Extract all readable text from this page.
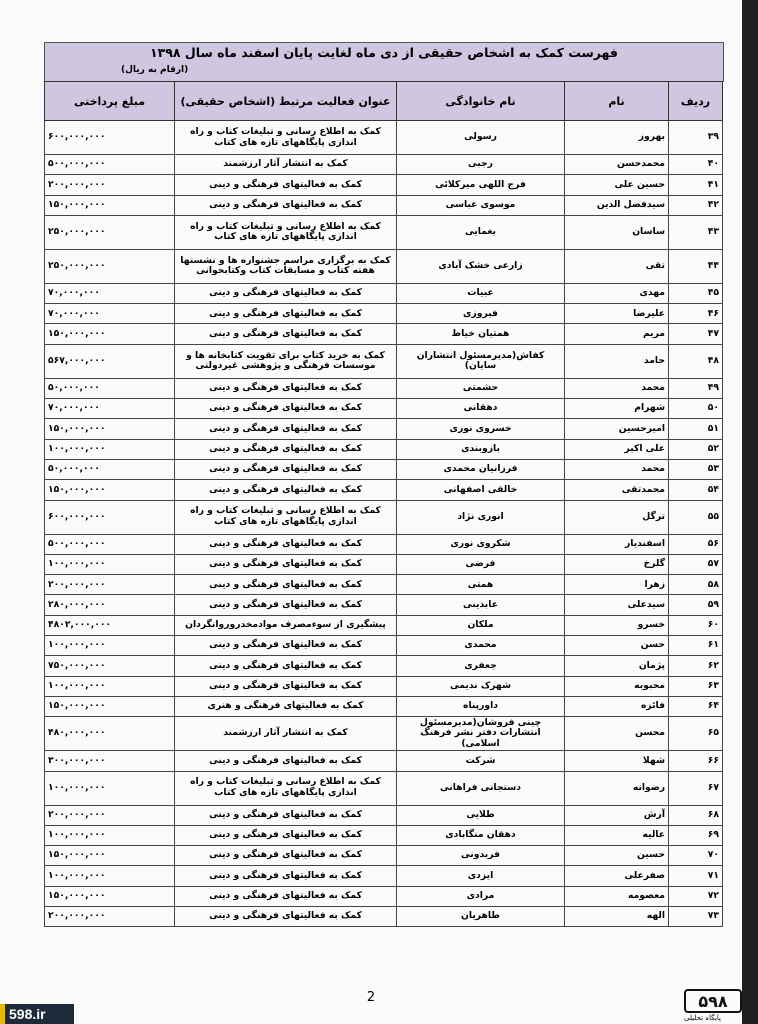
فهرست کمک به اشخاص حقیقی از دی ماه لغایت پایان اسفند ماه سال ۱۳۹۸
(ارقام به ریال)
ردیف	نام	نام خانوادگی	عنوان فعالیت مرتبط (اشخاص حقیقی)	مبلغ پرداختی
۳۹	بهروز	رسولی	کمک به اطلاع رسانی و تبلیغات کتاب و راه اندازی پایگاههای تازه های کتاب	۶۰۰,۰۰۰,۰۰۰
۴۰	محمدحسن	رجبی	کمک به انتشار آثار ارزشمند	۵۰۰,۰۰۰,۰۰۰
۴۱	حسین علی	فرج اللهی میرکلائی	کمک به فعالیتهای فرهنگی و دینی	۲۰۰,۰۰۰,۰۰۰
۴۲	سیدفضل الدین	موسوی عباسی	کمک به فعالیتهای فرهنگی و دینی	۱۵۰,۰۰۰,۰۰۰
۴۳	ساسان	یغمایی	کمک به اطلاع رسانی و تبلیغات کتاب و راه اندازی پایگاههای تازه های کتاب	۲۵۰,۰۰۰,۰۰۰
۴۴	تقی	زارعی خشک آبادی	کمک به برگزاری مراسم جشنواره ها و نشستها هفته کتاب و مسابقات کتاب وکتابخوانی	۲۵۰,۰۰۰,۰۰۰
۴۵	مهدی	عبیات	کمک به فعالیتهای فرهنگی و دینی	۷۰,۰۰۰,۰۰۰
۴۶	علیرضا	فیروزی	کمک به فعالیتهای فرهنگی و دینی	۷۰,۰۰۰,۰۰۰
۴۷	مریم	همتیان خیاط	کمک به فعالیتهای فرهنگی و دینی	۱۵۰,۰۰۰,۰۰۰
۴۸	حامد	کفاش(مدیرمسئول انتشاران سایان)	کمک به خرید کتاب برای تقویت کتابخانه ها و موسسات فرهنگی و پژوهشی غیردولتی	۵۶۷,۰۰۰,۰۰۰
۴۹	محمد	حشمتی	کمک به فعالیتهای فرهنگی و دینی	۵۰,۰۰۰,۰۰۰
۵۰	شهرام	دهقانی	کمک به فعالیتهای فرهنگی و دینی	۷۰,۰۰۰,۰۰۰
۵۱	امیرحسین	خسروی نوری	کمک به فعالیتهای فرهنگی و دینی	۱۵۰,۰۰۰,۰۰۰
۵۲	علی اکبر	بازوبندی	کمک به فعالیتهای فرهنگی و دینی	۱۰۰,۰۰۰,۰۰۰
۵۳	محمد	فرزانیان محمدی	کمک به فعالیتهای فرهنگی و دینی	۵۰,۰۰۰,۰۰۰
۵۴	محمدتقی	خالقی اصفهانی	کمک به فعالیتهای فرهنگی و دینی	۱۵۰,۰۰۰,۰۰۰
۵۵	ترگل	انوری نژاد	کمک به اطلاع رسانی و تبلیغات کتاب و راه اندازی پایگاههای تازه های کتاب	۶۰۰,۰۰۰,۰۰۰
۵۶	اسفندیار	شکروی نوری	کمک به فعالیتهای فرهنگی و دینی	۵۰۰,۰۰۰,۰۰۰
۵۷	گلرخ	فرضی	کمک به فعالیتهای فرهنگی و دینی	۱۰۰,۰۰۰,۰۰۰
۵۸	زهرا	همتی	کمک به فعالیتهای فرهنگی و دینی	۲۰۰,۰۰۰,۰۰۰
۵۹	سیدعلی	عابدینی	کمک به فعالیتهای فرهنگی و دینی	۲۸۰,۰۰۰,۰۰۰
۶۰	خسرو	ملکان	پیشگیری از سوءمصرف موادمخدروروانگردان	۴۸۰۲,۰۰۰,۰۰۰
۶۱	حسن	محمدی	کمک به فعالیتهای فرهنگی و دینی	۱۰۰,۰۰۰,۰۰۰
۶۲	پژمان	جعفری	کمک به فعالیتهای فرهنگی و دینی	۷۵۰,۰۰۰,۰۰۰
۶۳	محبوبه	شهرک ندیمی	کمک به فعالیتهای فرهنگی و دینی	۱۰۰,۰۰۰,۰۰۰
۶۴	فائزه	داورپناه	کمک به فعالیتهای فرهنگی و هنری	۱۵۰,۰۰۰,۰۰۰
۶۵	محسن	چینی فروشان(مدیرمسئول انتشارات دفتر نشر فرهنگ اسلامی)	کمک به انتشار آثار ارزشمند	۴۸۰,۰۰۰,۰۰۰
۶۶	شهلا	شرکت	کمک به فعالیتهای فرهنگی و دینی	۳۰۰,۰۰۰,۰۰۰
۶۷	رضوانه	دستجانی فراهانی	کمک به اطلاع رسانی و تبلیغات کتاب و راه اندازی پایگاههای تازه های کتاب	۱۰۰,۰۰۰,۰۰۰
۶۸	آرش	طلایی	کمک به فعالیتهای فرهنگی و دینی	۲۰۰,۰۰۰,۰۰۰
۶۹	عالیه	دهقان منگابادی	کمک به فعالیتهای فرهنگی و دینی	۱۰۰,۰۰۰,۰۰۰
۷۰	حسین	فریدونی	کمک به فعالیتهای فرهنگی و دینی	۱۵۰,۰۰۰,۰۰۰
۷۱	صفرعلی	ایزدی	کمک به فعالیتهای فرهنگی و دینی	۱۰۰,۰۰۰,۰۰۰
۷۲	معصومه	مرادی	کمک به فعالیتهای فرهنگی و دینی	۱۵۰,۰۰۰,۰۰۰
۷۳	الهه	طاهریان	کمک به فعالیتهای فرهنگی و دینی	۲۰۰,۰۰۰,۰۰۰
2
598.ir
۵۹۸
پایگاه تحلیلی
